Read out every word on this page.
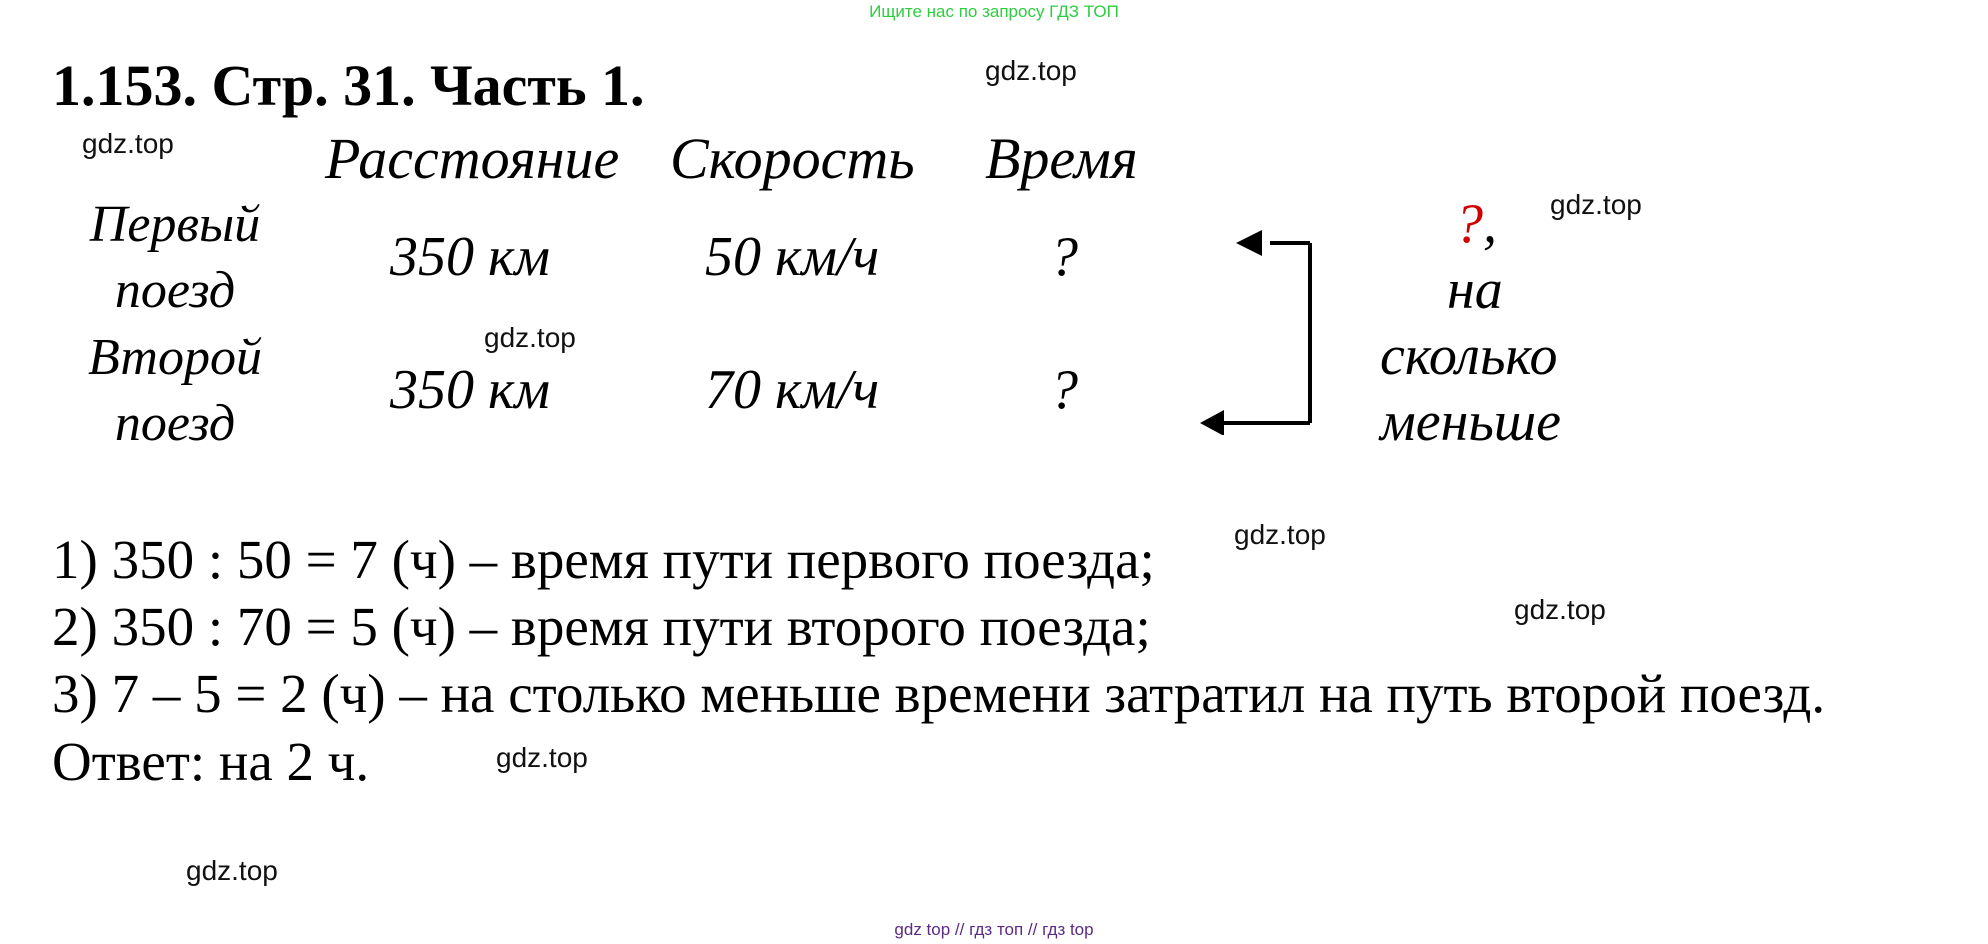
Ищите нас по запросу ГДЗ ТОП
1.153. Стр. 31. Часть 1.	gdz.top
gdz.top
gdz.top
gdz.top
gdz.top
gdz.top
gdz.top
gdz.top
Расстояние Скорость Время
Первый
поезд
350 км	50 км/ч	?
Второй
поезд
350 км	70 км/ч	?
?,
на
сколько
меньше
1) 350 : 50 = 7 (ч) – время пути первого поезда;
2) 350 : 70 = 5 (ч) – время пути второго поезда;
3) 7 – 5 = 2 (ч) – на столько меньше времени затратил на путь второй поезд.
Ответ: на 2 ч.
gdz top // гдз топ // гдз top
